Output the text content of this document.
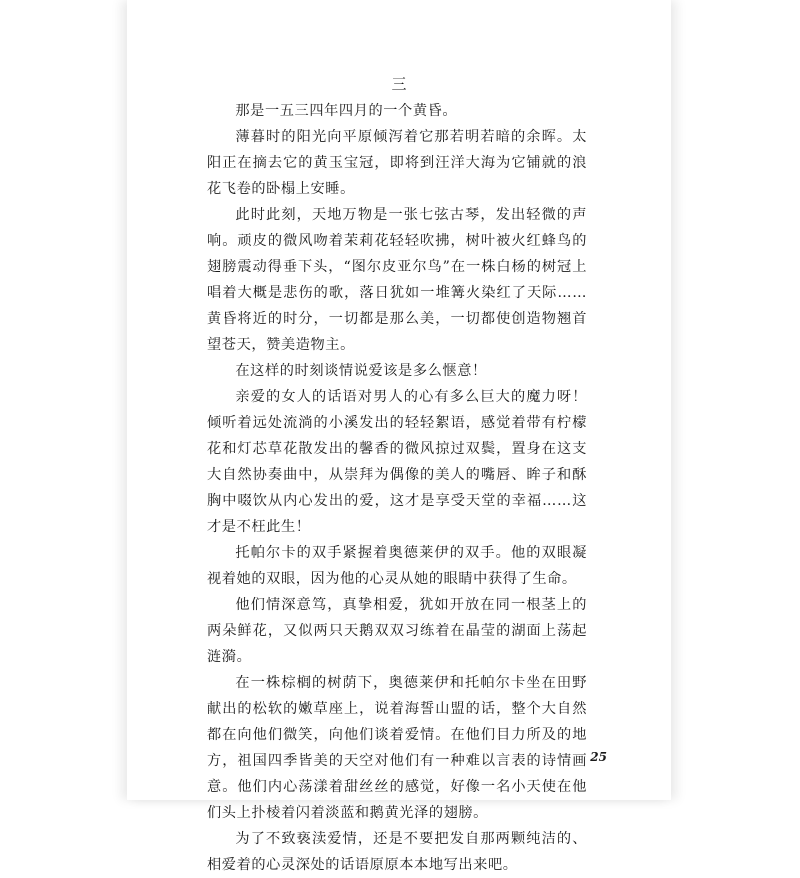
三

那是一五三四年四月的一个黄昏。

薄暮时的阳光向平原倾泻着它那若明若暗的余晖。太阳正在摘去它的黄玉宝冠，即将到汪洋大海为它铺就的浪花飞卷的卧榻上安睡。

此时此刻，天地万物是一张七弦古琴，发出轻微的声响。顽皮的微风吻着茉莉花轻轻吹拂，树叶被火红蜂鸟的翅膀震动得垂下头，“图尔皮亚尔鸟”在一株白杨的树冠上唱着大概是悲伤的歌，落日犹如一堆篝火染红了天际……黄昏将近的时分，一切都是那么美，一切都使创造物翘首望苍天，赞美造物主。

在这样的时刻谈情说爱该是多么惬意！

亲爱的女人的话语对男人的心有多么巨大的魔力呀！倾听着远处流淌的小溪发出的轻轻絮语，感觉着带有柠檬花和灯芯草花散发出的馨香的微风掠过双鬓，置身在这支大自然协奏曲中，从崇拜为偶像的美人的嘴唇、眸子和酥胸中啜饮从内心发出的爱，这才是享受天堂的幸福……这才是不枉此生！

托帕尔卡的双手紧握着奥德莱伊的双手。他的双眼凝视着她的双眼，因为他的心灵从她的眼睛中获得了生命。

他们情深意笃，真挚相爱，犹如开放在同一根茎上的两朵鲜花，又似两只天鹅双双习练着在晶莹的湖面上荡起涟漪。

在一株棕榈的树荫下，奥德莱伊和托帕尔卡坐在田野献出的松软的嫩草座上，说着海誓山盟的话，整个大自然都在向他们微笑，向他们谈着爱情。在他们目力所及的地方，祖国四季皆美的天空对他们有一种难以言表的诗情画意。他们内心荡漾着甜丝丝的感觉，好像一名小天使在他们头上扑棱着闪着淡蓝和鹅黄光泽的翅膀。

为了不致亵渎爱情，还是不要把发自那两颗纯洁的、相爱着的心灵深处的话语原原本本地写出来吧。

25
